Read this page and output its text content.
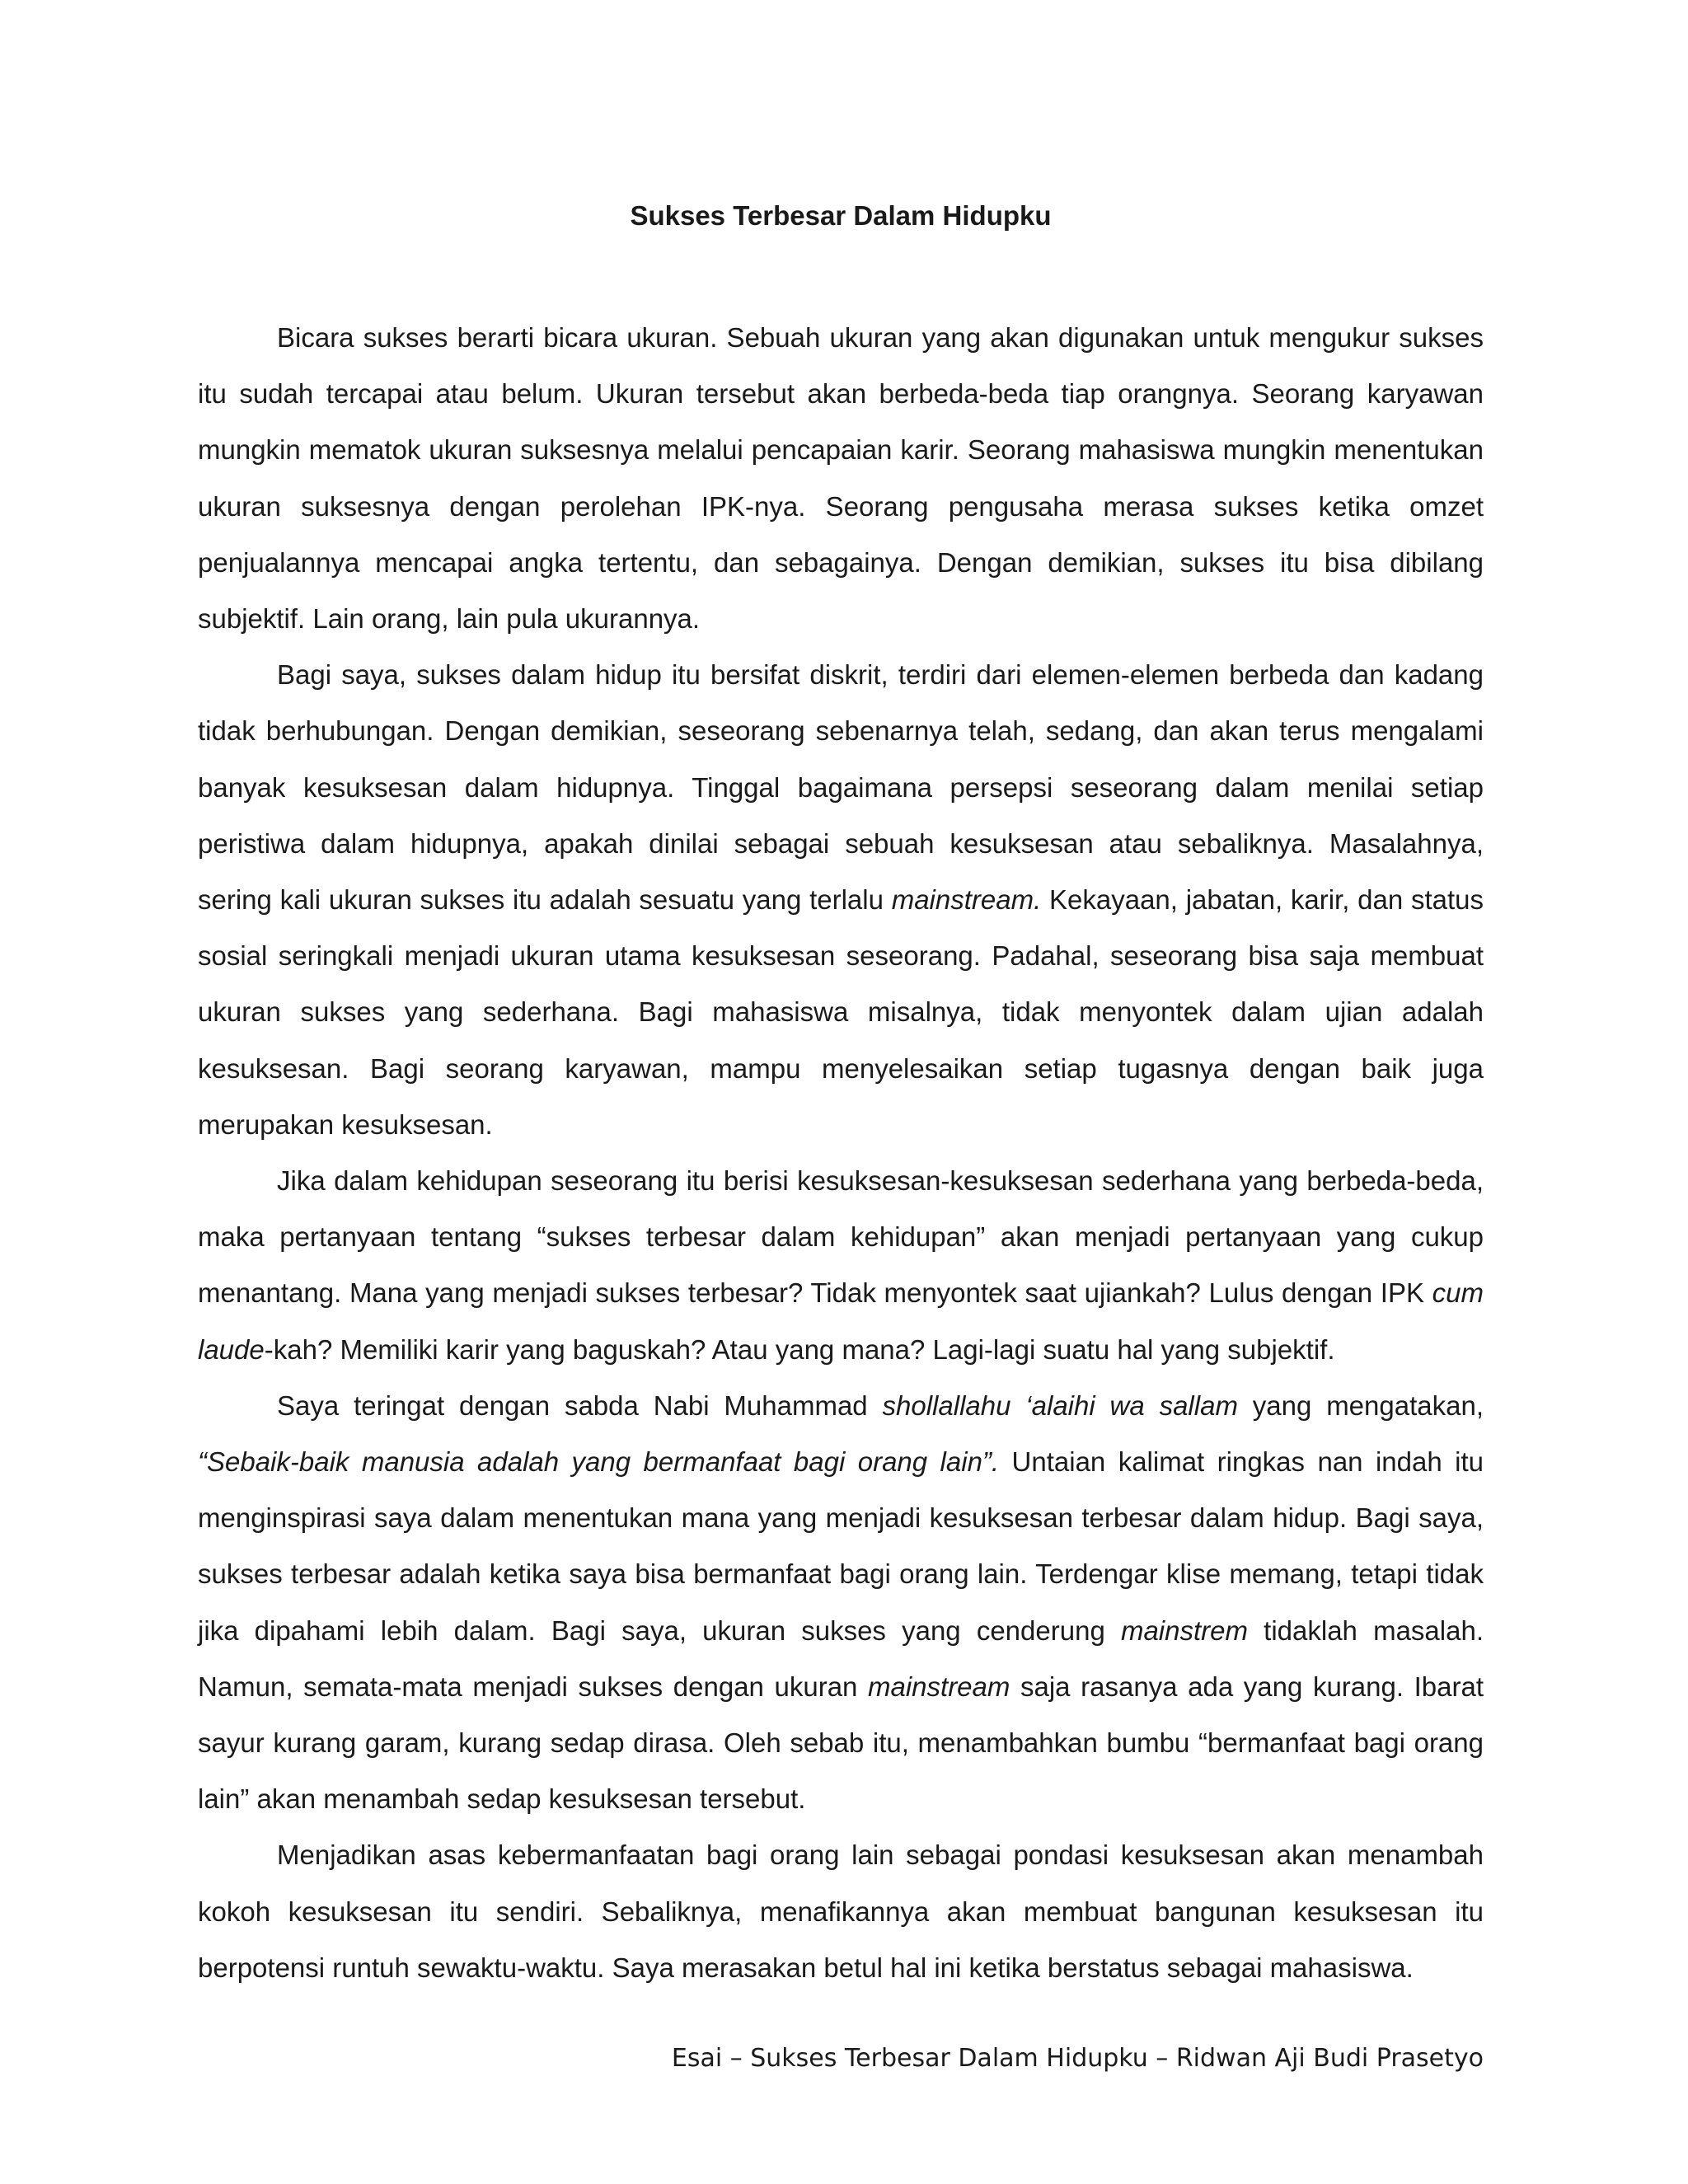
Sukses Terbesar Dalam Hidupku

Bicara sukses berarti bicara ukuran. Sebuah ukuran yang akan digunakan untuk mengukur sukses itu sudah tercapai atau belum. Ukuran tersebut akan berbeda-beda tiap orangnya. Seorang karyawan mungkin mematok ukuran suksesnya melalui pencapaian karir. Seorang mahasiswa mungkin menentukan ukuran suksesnya dengan perolehan IPK-nya. Seorang pengusaha merasa sukses ketika omzet penjualannya mencapai angka tertentu, dan sebagainya. Dengan demikian, sukses itu bisa dibilang subjektif. Lain orang, lain pula ukurannya.

Bagi saya, sukses dalam hidup itu bersifat diskrit, terdiri dari elemen-elemen berbeda dan kadang tidak berhubungan. Dengan demikian, seseorang sebenarnya telah, sedang, dan akan terus mengalami banyak kesuksesan dalam hidupnya. Tinggal bagaimana persepsi seseorang dalam menilai setiap peristiwa dalam hidupnya, apakah dinilai sebagai sebuah kesuksesan atau sebaliknya. Masalahnya, sering kali ukuran sukses itu adalah sesuatu yang terlalu mainstream. Kekayaan, jabatan, karir, dan status sosial seringkali menjadi ukuran utama kesuksesan seseorang. Padahal, seseorang bisa saja membuat ukuran sukses yang sederhana. Bagi mahasiswa misalnya, tidak menyontek dalam ujian adalah kesuksesan. Bagi seorang karyawan, mampu menyelesaikan setiap tugasnya dengan baik juga merupakan kesuksesan.

Jika dalam kehidupan seseorang itu berisi kesuksesan-kesuksesan sederhana yang berbeda-beda, maka pertanyaan tentang “sukses terbesar dalam kehidupan” akan menjadi pertanyaan yang cukup menantang. Mana yang menjadi sukses terbesar? Tidak menyontek saat ujiankah? Lulus dengan IPK cum laude-kah? Memiliki karir yang baguskah? Atau yang mana? Lagi-lagi suatu hal yang subjektif.

Saya teringat dengan sabda Nabi Muhammad shollallahu ‘alaihi wa sallam yang mengatakan, “Sebaik-baik manusia adalah yang bermanfaat bagi orang lain”. Untaian kalimat ringkas nan indah itu menginspirasi saya dalam menentukan mana yang menjadi kesuksesan terbesar dalam hidup. Bagi saya, sukses terbesar adalah ketika saya bisa bermanfaat bagi orang lain. Terdengar klise memang, tetapi tidak jika dipahami lebih dalam. Bagi saya, ukuran sukses yang cenderung mainstrem tidaklah masalah. Namun, semata-mata menjadi sukses dengan ukuran mainstream saja rasanya ada yang kurang. Ibarat sayur kurang garam, kurang sedap dirasa. Oleh sebab itu, menambahkan bumbu “bermanfaat bagi orang lain” akan menambah sedap kesuksesan tersebut.

Menjadikan asas kebermanfaatan bagi orang lain sebagai pondasi kesuksesan akan menambah kokoh kesuksesan itu sendiri. Sebaliknya, menafikannya akan membuat bangunan kesuksesan itu berpotensi runtuh sewaktu-waktu. Saya merasakan betul hal ini ketika berstatus sebagai mahasiswa.

Esai – Sukses Terbesar Dalam Hidupku – Ridwan Aji Budi Prasetyo
